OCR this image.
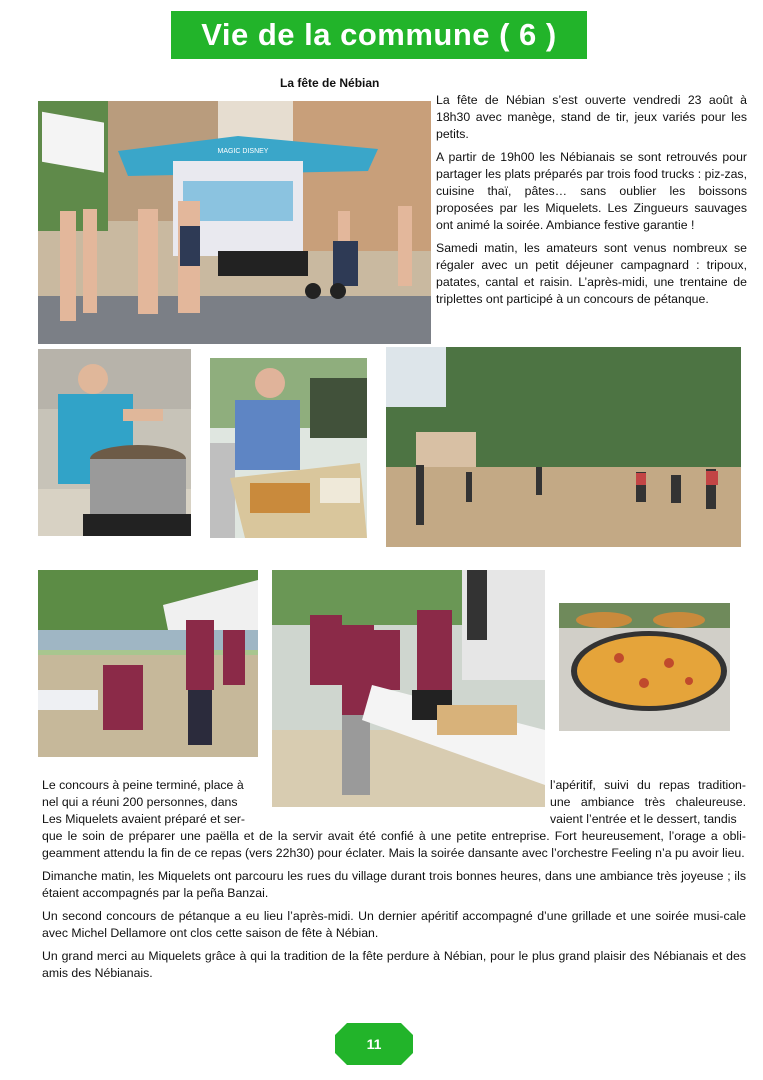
Vie de la commune ( 6 )
La fête de Nébian
MAGIC DISNEY

La fête de Nébian s’est ouverte vendredi 23 août à 18h30 avec manège, stand de tir, jeux variés pour les petits.

A partir de 19h00 les Nébianais se sont retrouvés pour partager les plats préparés par trois food trucks : piz-zas, cuisine thaï, pâtes… sans oublier les boissons proposées par les Miquelets. Les Zingueurs sauvages ont animé la soirée. Ambiance festive garantie !

Samedi matin, les amateurs sont venus nombreux se régaler avec un petit déjeuner campagnard : tripoux, patates, cantal et raisin. L’après-midi, une trentaine de triplettes ont participé à un concours de pétanque.

Le concours à peine terminé, place à nel qui a réuni 200 personnes, dans Les Miquelets avaient préparé et ser-
l’apéritif, suivi du repas tradition-une ambiance très chaleureuse. vaient l’entrée et le dessert, tandis

que le soin de préparer une paëlla et de la servir avait été confié à une petite entreprise. Fort heureusement, l’orage a obli-geamment attendu la fin de ce repas (vers 22h30) pour éclater. Mais la soirée dansante avec l’orchestre Feeling n’a pu avoir lieu.

Dimanche matin, les Miquelets ont parcouru les rues du village durant trois bonnes heures, dans une ambiance très joyeuse ; ils étaient accompagnés par la peña Banzai.

Un second concours de pétanque a eu lieu l’après-midi. Un dernier apéritif accompagné d’une grillade et une soirée musi-cale avec Michel Dellamore ont clos cette saison de fête à Nébian.

Un grand merci au Miquelets grâce à qui la tradition de la fête perdure à Nébian, pour le plus grand plaisir des Nébianais et des amis des Nébianais.

11
